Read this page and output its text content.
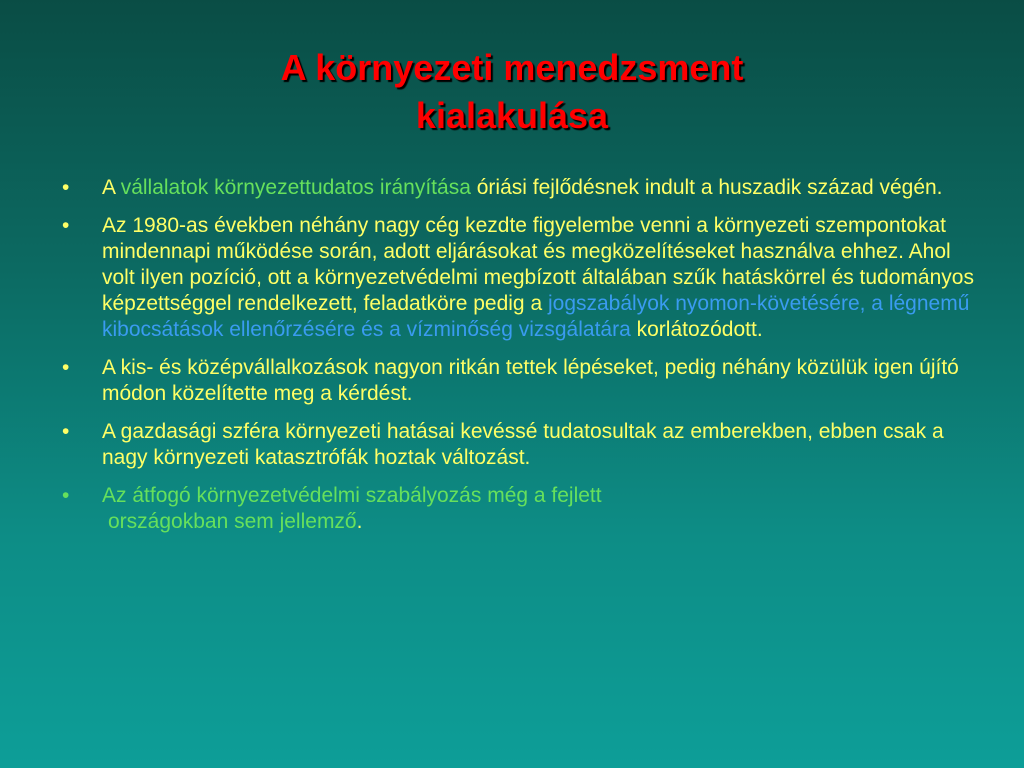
A környezeti menedzsment
kialakulása
• A vállalatok környezettudatos irányítása óriási fejlődésnek indult a huszadik század végén.
• Az 1980-as években néhány nagy cég kezdte figyelembe venni a környezeti szempontokat mindennapi működése során, adott eljárásokat és megközelítéseket használva ehhez. Ahol volt ilyen pozíció, ott a környezetvédelmi megbízott általában szűk hatáskörrel és tudományos képzettséggel rendelkezett, feladatköre pedig a jogszabályok nyomon-követésére, a légnemű kibocsátások ellenőrzésére és a vízminőség vizsgálatára korlátozódott.
• A kis- és középvállalkozások nagyon ritkán tettek lépéseket, pedig néhány közülük igen újító módon közelítette meg a kérdést.
• A gazdasági szféra környezeti hatásai kevéssé tudatosultak az emberekben, ebben csak a nagy környezeti katasztrófák hoztak változást.
• Az átfogó környezetvédelmi szabályozás még a fejlett
országokban sem jellemző.
